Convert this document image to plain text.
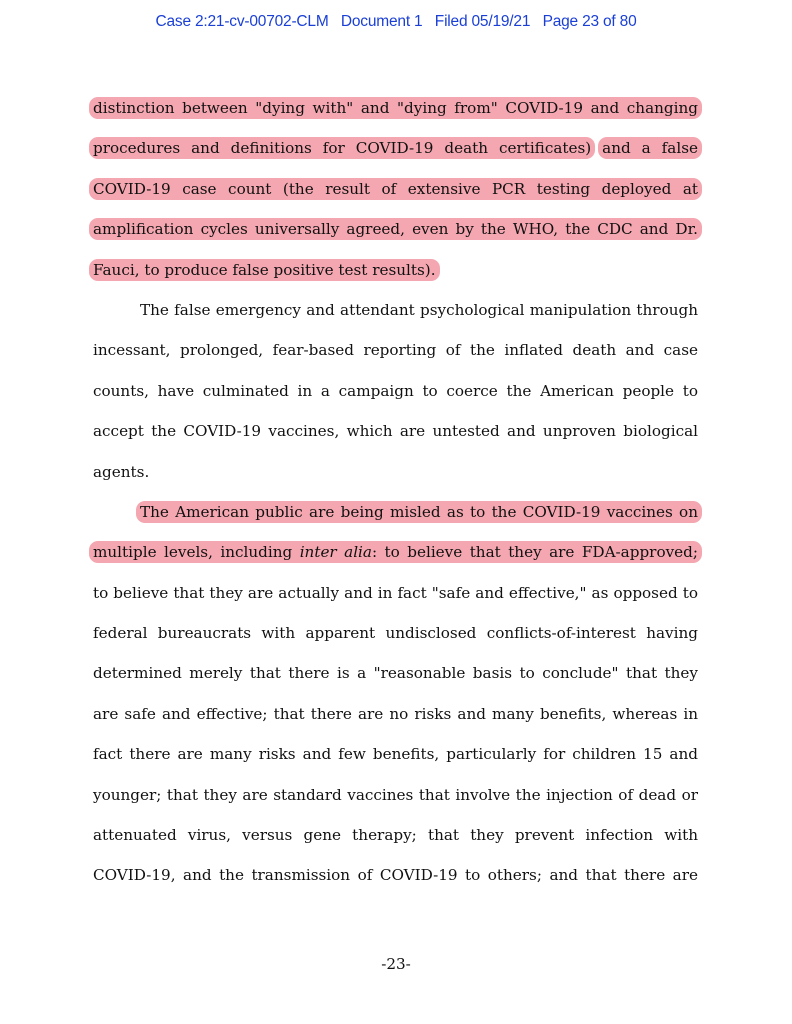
Case 2:21-cv-00702-CLM Document 1 Filed 05/19/21 Page 23 of 80
distinction between "dying with" and "dying from" COVID-19 and changing
procedures and definitions for COVID-19 death certificates) and a false
COVID-19 case count (the result of extensive PCR testing deployed at
amplification cycles universally agreed, even by the WHO, the CDC and Dr.
Fauci, to produce false positive test results).
The false emergency and attendant psychological manipulation through
incessant, prolonged, fear-based reporting of the inflated death and case
counts, have culminated in a campaign to coerce the American people to
accept the COVID-19 vaccines, which are untested and unproven biological
agents.
The American public are being misled as to the COVID-19 vaccines on
multiple levels, including inter alia: to believe that they are FDA-approved;
to believe that they are actually and in fact "safe and effective," as opposed to
federal bureaucrats with apparent undisclosed conflicts-of-interest having
determined merely that there is a "reasonable basis to conclude" that they
are safe and effective; that there are no risks and many benefits, whereas in
fact there are many risks and few benefits, particularly for children 15 and
younger; that they are standard vaccines that involve the injection of dead or
attenuated virus, versus gene therapy; that they prevent infection with
COVID-19, and the transmission of COVID-19 to others; and that there are
-23-
